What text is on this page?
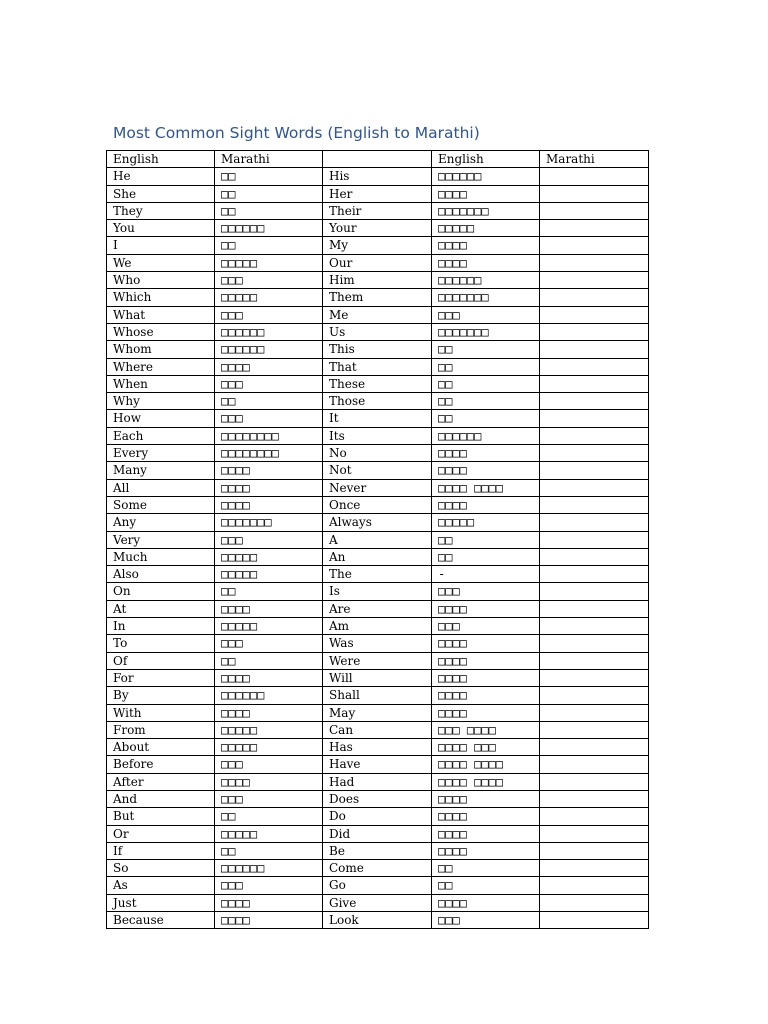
Most Common Sight Words (English to Marathi)
English	Marathi		English	Marathi
He	□□	His	□□□□□□	
She	□□	Her	□□□□	
They	□□	Their	□□□□□□□	
You	□□□□□□	Your	□□□□□	
I	□□	My	□□□□	
We	□□□□□	Our	□□□□	
Who	□□□	Him	□□□□□□	
Which	□□□□□	Them	□□□□□□□	
What	□□□	Me	□□□	
Whose	□□□□□□	Us	□□□□□□□	
Whom	□□□□□□	This	□□	
Where	□□□□	That	□□	
When	□□□	These	□□	
Why	□□	Those	□□	
How	□□□	It	□□	
Each	□□□□□□□□	Its	□□□□□□	
Every	□□□□□□□□	No	□□□□	
Many	□□□□	Not	□□□□	
All	□□□□	Never	□□□□ □□□□	
Some	□□□□	Once	□□□□	
Any	□□□□□□□	Always	□□□□□	
Very	□□□	A	□□	
Much	□□□□□	An	□□	
Also	□□□□□	The	-	
On	□□	Is	□□□	
At	□□□□	Are	□□□□	
In	□□□□□	Am	□□□	
To	□□□	Was	□□□□	
Of	□□	Were	□□□□	
For	□□□□	Will	□□□□	
By	□□□□□□	Shall	□□□□	
With	□□□□	May	□□□□	
From	□□□□□	Can	□□□ □□□□	
About	□□□□□	Has	□□□□ □□□	
Before	□□□	Have	□□□□ □□□□	
After	□□□□	Had	□□□□ □□□□	
And	□□□	Does	□□□□	
But	□□	Do	□□□□	
Or	□□□□□	Did	□□□□	
If	□□	Be	□□□□	
So	□□□□□□	Come	□□	
As	□□□	Go	□□	
Just	□□□□	Give	□□□□	
Because	□□□□	Look	□□□	
